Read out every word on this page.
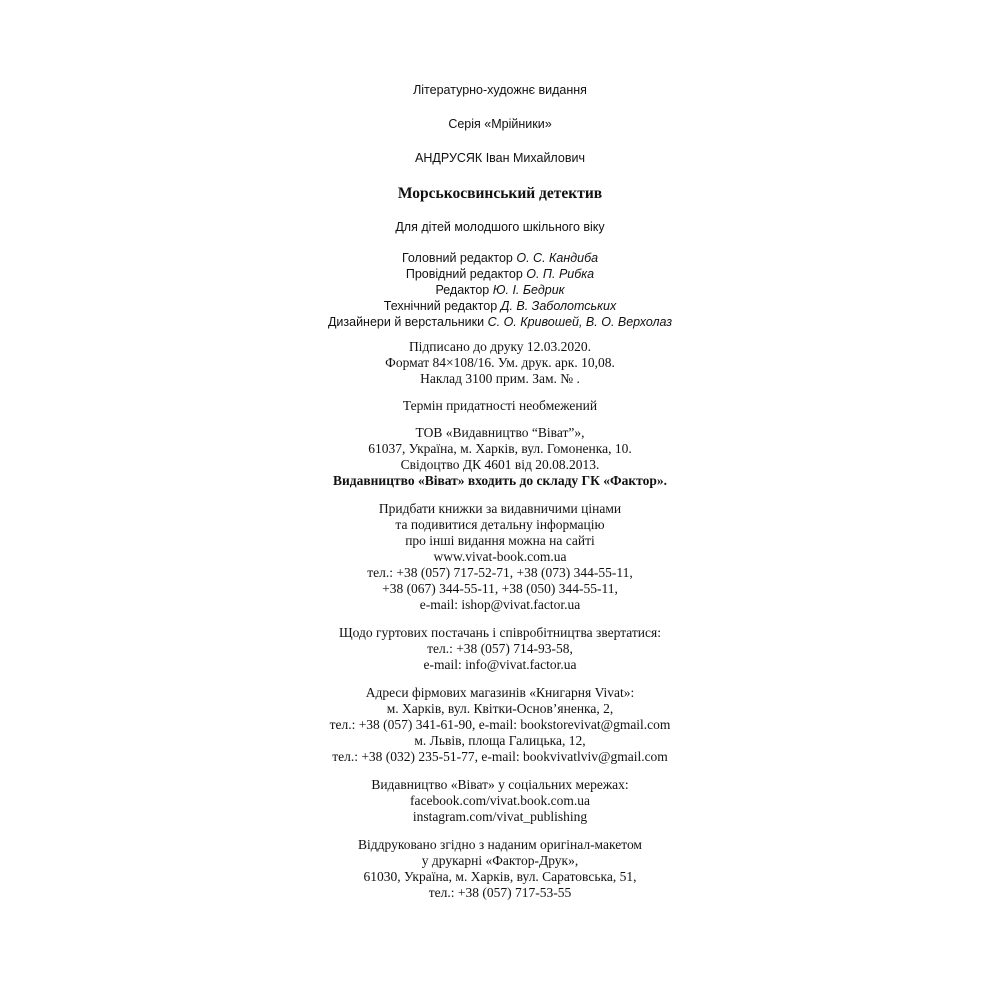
Літературно-художнє видання
Серія «Мрійники»
АНДРУСЯК Іван Михайлович
Морськосвинський детектив
Для дітей молодшого шкільного віку
Головний редактор О. С. Кандиба
Провідний редактор О. П. Рибка
Редактор Ю. І. Бедрик
Технічний редактор Д. В. Заболотських
Дизайнери й верстальники С. О. Кривошей, В. О. Верхолаз
Підписано до друку 12.03.2020.
Формат 84×108/16. Ум. друк. арк. 10,08.
Наклад 3100 прим. Зам. № .
Термін придатності необмежений
ТОВ «Видавництво “Віват”»,
61037, Україна, м. Харків, вул. Гомоненка, 10.
Свідоцтво ДК 4601 від 20.08.2013.
Видавництво «Віват» входить до складу ГК «Фактор».
Придбати книжки за видавничими цінами
та подивитися детальну інформацію
про інші видання можна на сайті
www.vivat-book.com.ua
тел.: +38 (057) 717-52-71, +38 (073) 344-55-11,
+38 (067) 344-55-11, +38 (050) 344-55-11,
e-mail: ishop@vivat.factor.ua
Щодо гуртових постачань і співробітництва звертатися:
тел.: +38 (057) 714-93-58,
e-mail: info@vivat.factor.ua
Адреси фірмових магазинів «Книгарня Vivat»:
м. Харків, вул. Квітки-Основ’яненка, 2,
тел.: +38 (057) 341-61-90, e-mail: bookstorevivat@gmail.com
м. Львів, площа Галицька, 12,
тел.: +38 (032) 235-51-77, e-mail: bookvivatlviv@gmail.com
Видавництво «Віват» у соціальних мережах:
facebook.com/vivat.book.com.ua
instagram.com/vivat_publishing
Віддруковано згідно з наданим оригінал-макетом
у друкарні «Фактор-Друк»,
61030, Україна, м. Харків, вул. Саратовська, 51,
тел.: +38 (057) 717-53-55
